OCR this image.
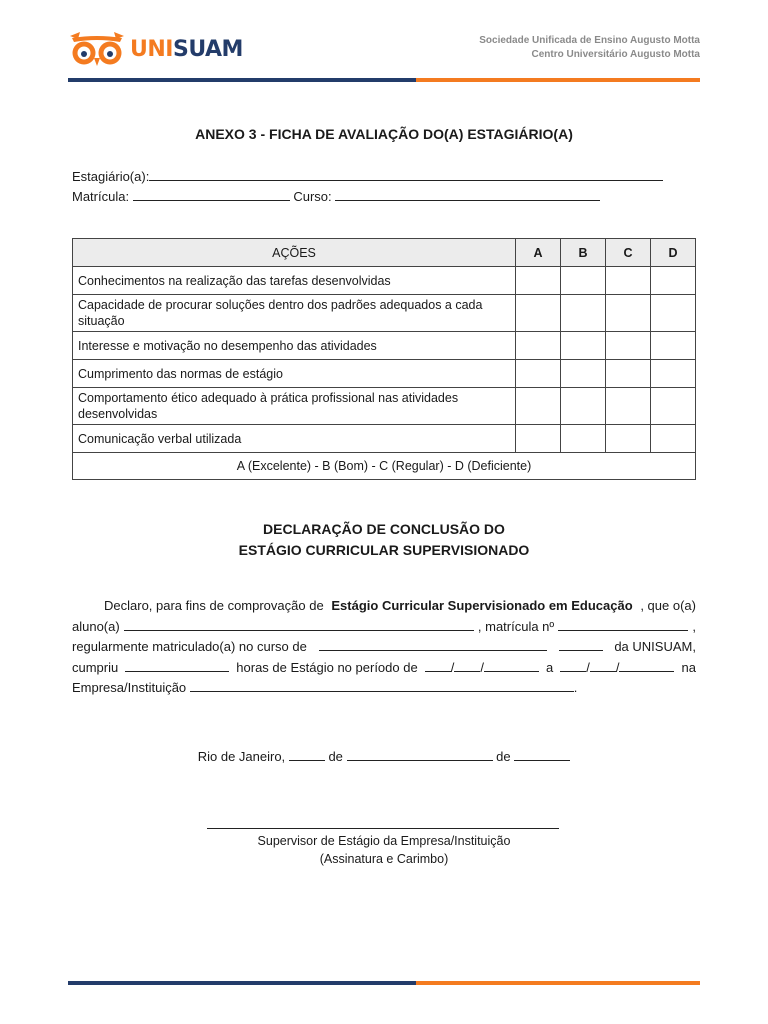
UNISUAM	Sociedade Unificada de Ensino Augusto Motta
Centro Universitário Augusto Motta
ANEXO 3 - FICHA DE AVALIAÇÃO DO(A) ESTAGIÁRIO(A)
Estagiário(a):
Matrícula:	Curso:
AÇÕES	A	B	C	D
Conhecimentos na realização das tarefas desenvolvidas				
Capacidade de procurar soluções dentro dos padrões adequados a cada situação				
Interesse e motivação no desempenho das atividades				
Cumprimento das normas de estágio				
Comportamento ético adequado à prática profissional nas atividades desenvolvidas				
Comunicação verbal utilizada				
A (Excelente) - B (Bom) - C (Regular) - D (Deficiente)				
DECLARAÇÃO DE CONCLUSÃO DO
ESTÁGIO CURRICULAR SUPERVISIONADO
Declaro, para fins de comprovação de Estágio Curricular Supervisionado em Educação , que o(a)
aluno(a)	, matrícula nº	,
regularmente matriculado(a) no curso de	da UNISUAM,
cumpriu	horas de Estágio no período de	/ /	a	/ /	na
Empresa/Instituição
	.
Rio de Janeiro,	de	de
Supervisor de Estágio da Empresa/Instituição
(Assinatura e Carimbo)
